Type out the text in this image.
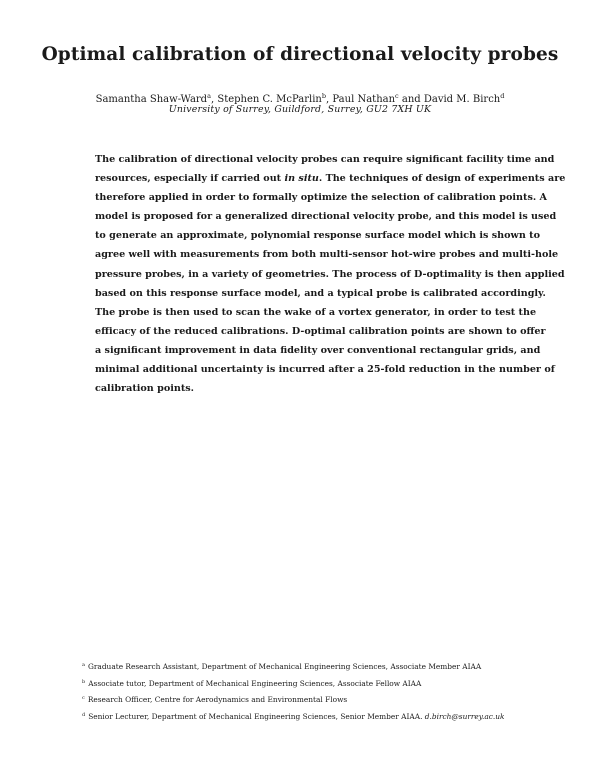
Optimal calibration of directional velocity probes
Samantha Shaw-Ward$^a$, Stephen C. McParlin$^b$, Paul Nathan$^c$ and David M. Birch$^d$
University of Surrey, Guildford, Surrey, GU2 7XH UK
The calibration of directional velocity probes can require significant facility time and
resources, especially if carried out in situ. The techniques of design of experiments are
therefore applied in order to formally optimize the selection of calibration points. A
model is proposed for a generalized directional velocity probe, and this model is used
to generate an approximate, polynomial response surface model which is shown to
agree well with measurements from both multi-sensor hot-wire probes and multi-hole
pressure probes, in a variety of geometries. The process of D-optimality is then applied
based on this response surface model, and a typical probe is calibrated accordingly.
The probe is then used to scan the wake of a vortex generator, in order to test the
efficacy of the reduced calibrations. D-optimal calibration points are shown to offer
a significant improvement in data fidelity over conventional rectangular grids, and
minimal additional uncertainty is incurred after a 25-fold reduction in the number of
calibration points.
$^a$ Graduate Research Assistant, Department of Mechanical Engineering Sciences, Associate Member AIAA
$^b$ Associate tutor, Department of Mechanical Engineering Sciences, Associate Fellow AIAA
$^c$ Research Officer, Centre for Aerodynamics and Environmental Flows
$^d$ Senior Lecturer, Department of Mechanical Engineering Sciences, Senior Member AIAA. d.birch@surrey.ac.uk
